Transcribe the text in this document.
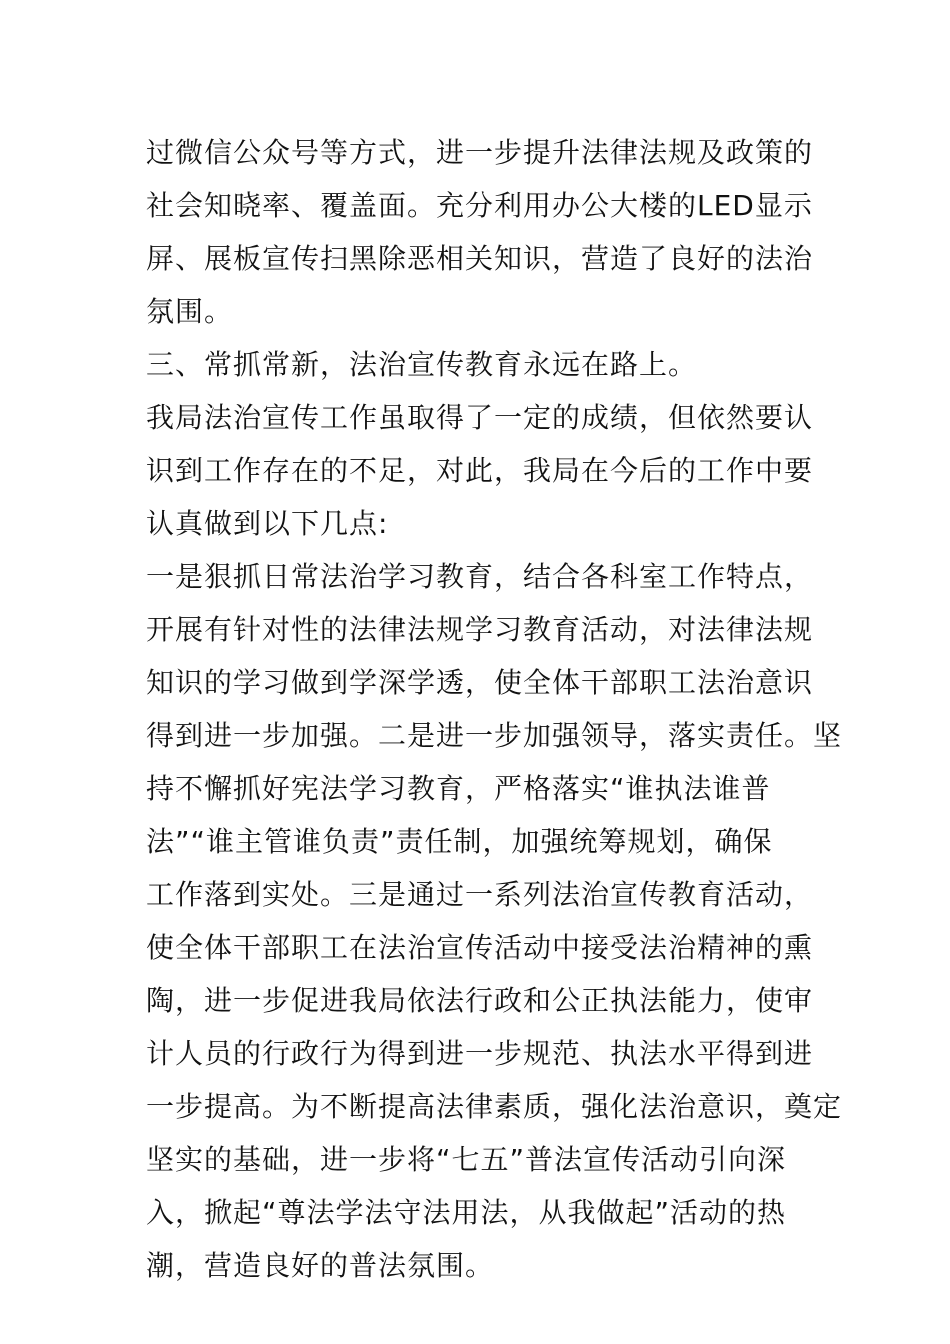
过微信公众号等方式，进一步提升法律法规及政策的
社会知晓率、覆盖面。充分利用办公大楼的LED显示
屏、展板宣传扫黑除恶相关知识，营造了良好的法治
氛围。
三、常抓常新，法治宣传教育永远在路上。
我局法治宣传工作虽取得了一定的成绩，但依然要认
识到工作存在的不足，对此，我局在今后的工作中要
认真做到以下几点:
一是狠抓日常法治学习教育，结合各科室工作特点，
开展有针对性的法律法规学习教育活动，对法律法规
知识的学习做到学深学透，使全体干部职工法治意识
得到进一步加强。二是进一步加强领导，落实责任。坚
持不懈抓好宪法学习教育，严格落实“谁执法谁普
法”“谁主管谁负责”责任制，加强统筹规划，确保
工作落到实处。三是通过一系列法治宣传教育活动，
使全体干部职工在法治宣传活动中接受法治精神的熏
陶，进一步促进我局依法行政和公正执法能力，使审
计人员的行政行为得到进一步规范、执法水平得到进
一步提高。为不断提高法律素质，强化法治意识，奠定
坚实的基础，进一步将“七五”普法宣传活动引向深
入，掀起“尊法学法守法用法，从我做起”活动的热
潮，营造良好的普法氛围。
